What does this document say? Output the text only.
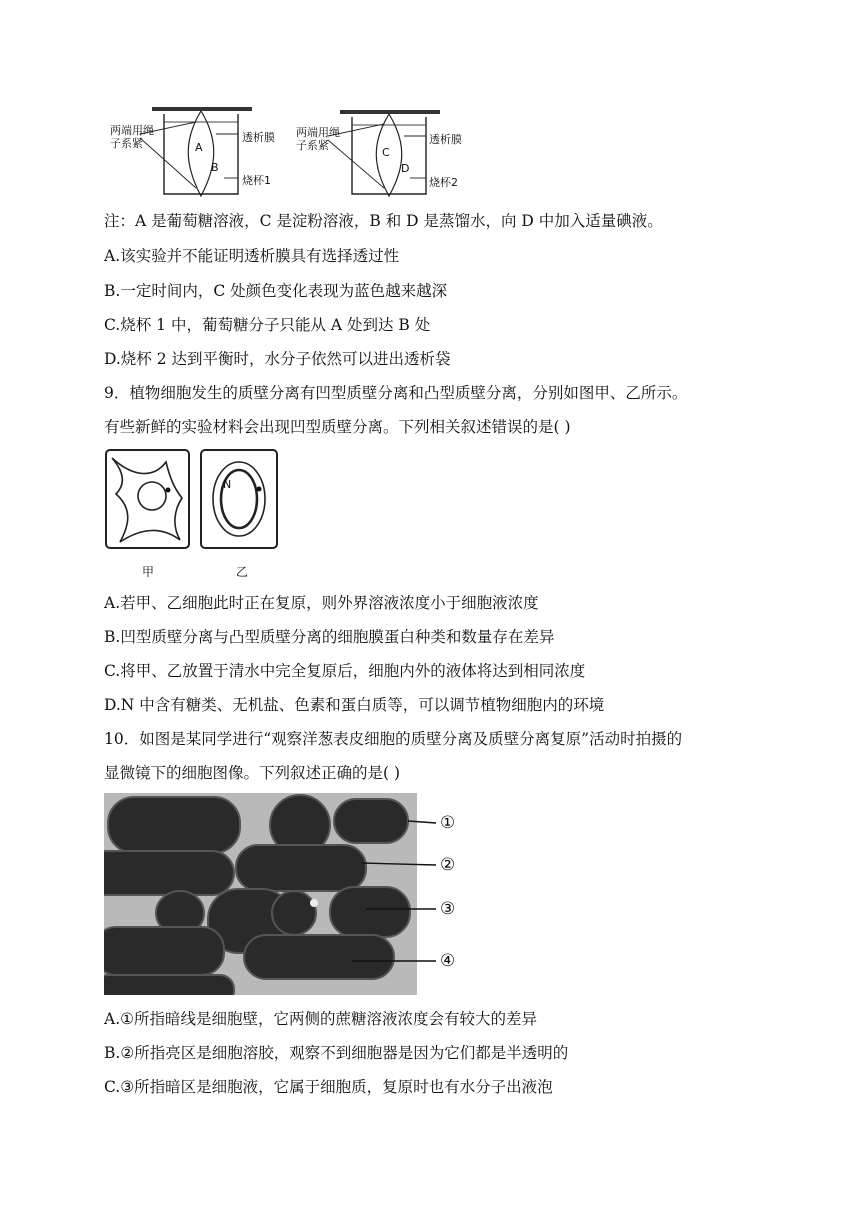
两端用绳
子系紧	透析膜
A
B
烧杯1
两端用绳
子系紧	透析膜
C
D
烧杯2
注：A 是葡萄糖溶液，C 是淀粉溶液，B 和 D 是蒸馏水，向 D 中加入适量碘液。
A.该实验并不能证明透析膜具有选择透过性
B.一定时间内，C 处颜色变化表现为蓝色越来越深
C.烧杯 1 中，葡萄糖分子只能从 A 处到达 B 处
D.烧杯 2 达到平衡时，水分子依然可以进出透析袋
9．植物细胞发生的质壁分离有凹型质壁分离和凸型质壁分离，分别如图甲、乙所示。
有些新鲜的实验材料会出现凹型质壁分离。下列相关叙述错误的是( )
N
甲	乙
A.若甲、乙细胞此时正在复原，则外界溶液浓度小于细胞液浓度
B.凹型质壁分离与凸型质壁分离的细胞膜蛋白种类和数量存在差异
C.将甲、乙放置于清水中完全复原后，细胞内外的液体将达到相同浓度
D.N 中含有糖类、无机盐、色素和蛋白质等，可以调节植物细胞内的环境
10．如图是某同学进行“观察洋葱表皮细胞的质壁分离及质壁分离复原”活动时拍摄的
显微镜下的细胞图像。下列叙述正确的是( )
①
②
③
④
A.①所指暗线是细胞壁，它两侧的蔗糖溶液浓度会有较大的差异
B.②所指亮区是细胞溶胶，观察不到细胞器是因为它们都是半透明的
C.③所指暗区是细胞液，它属于细胞质，复原时也有水分子出液泡
